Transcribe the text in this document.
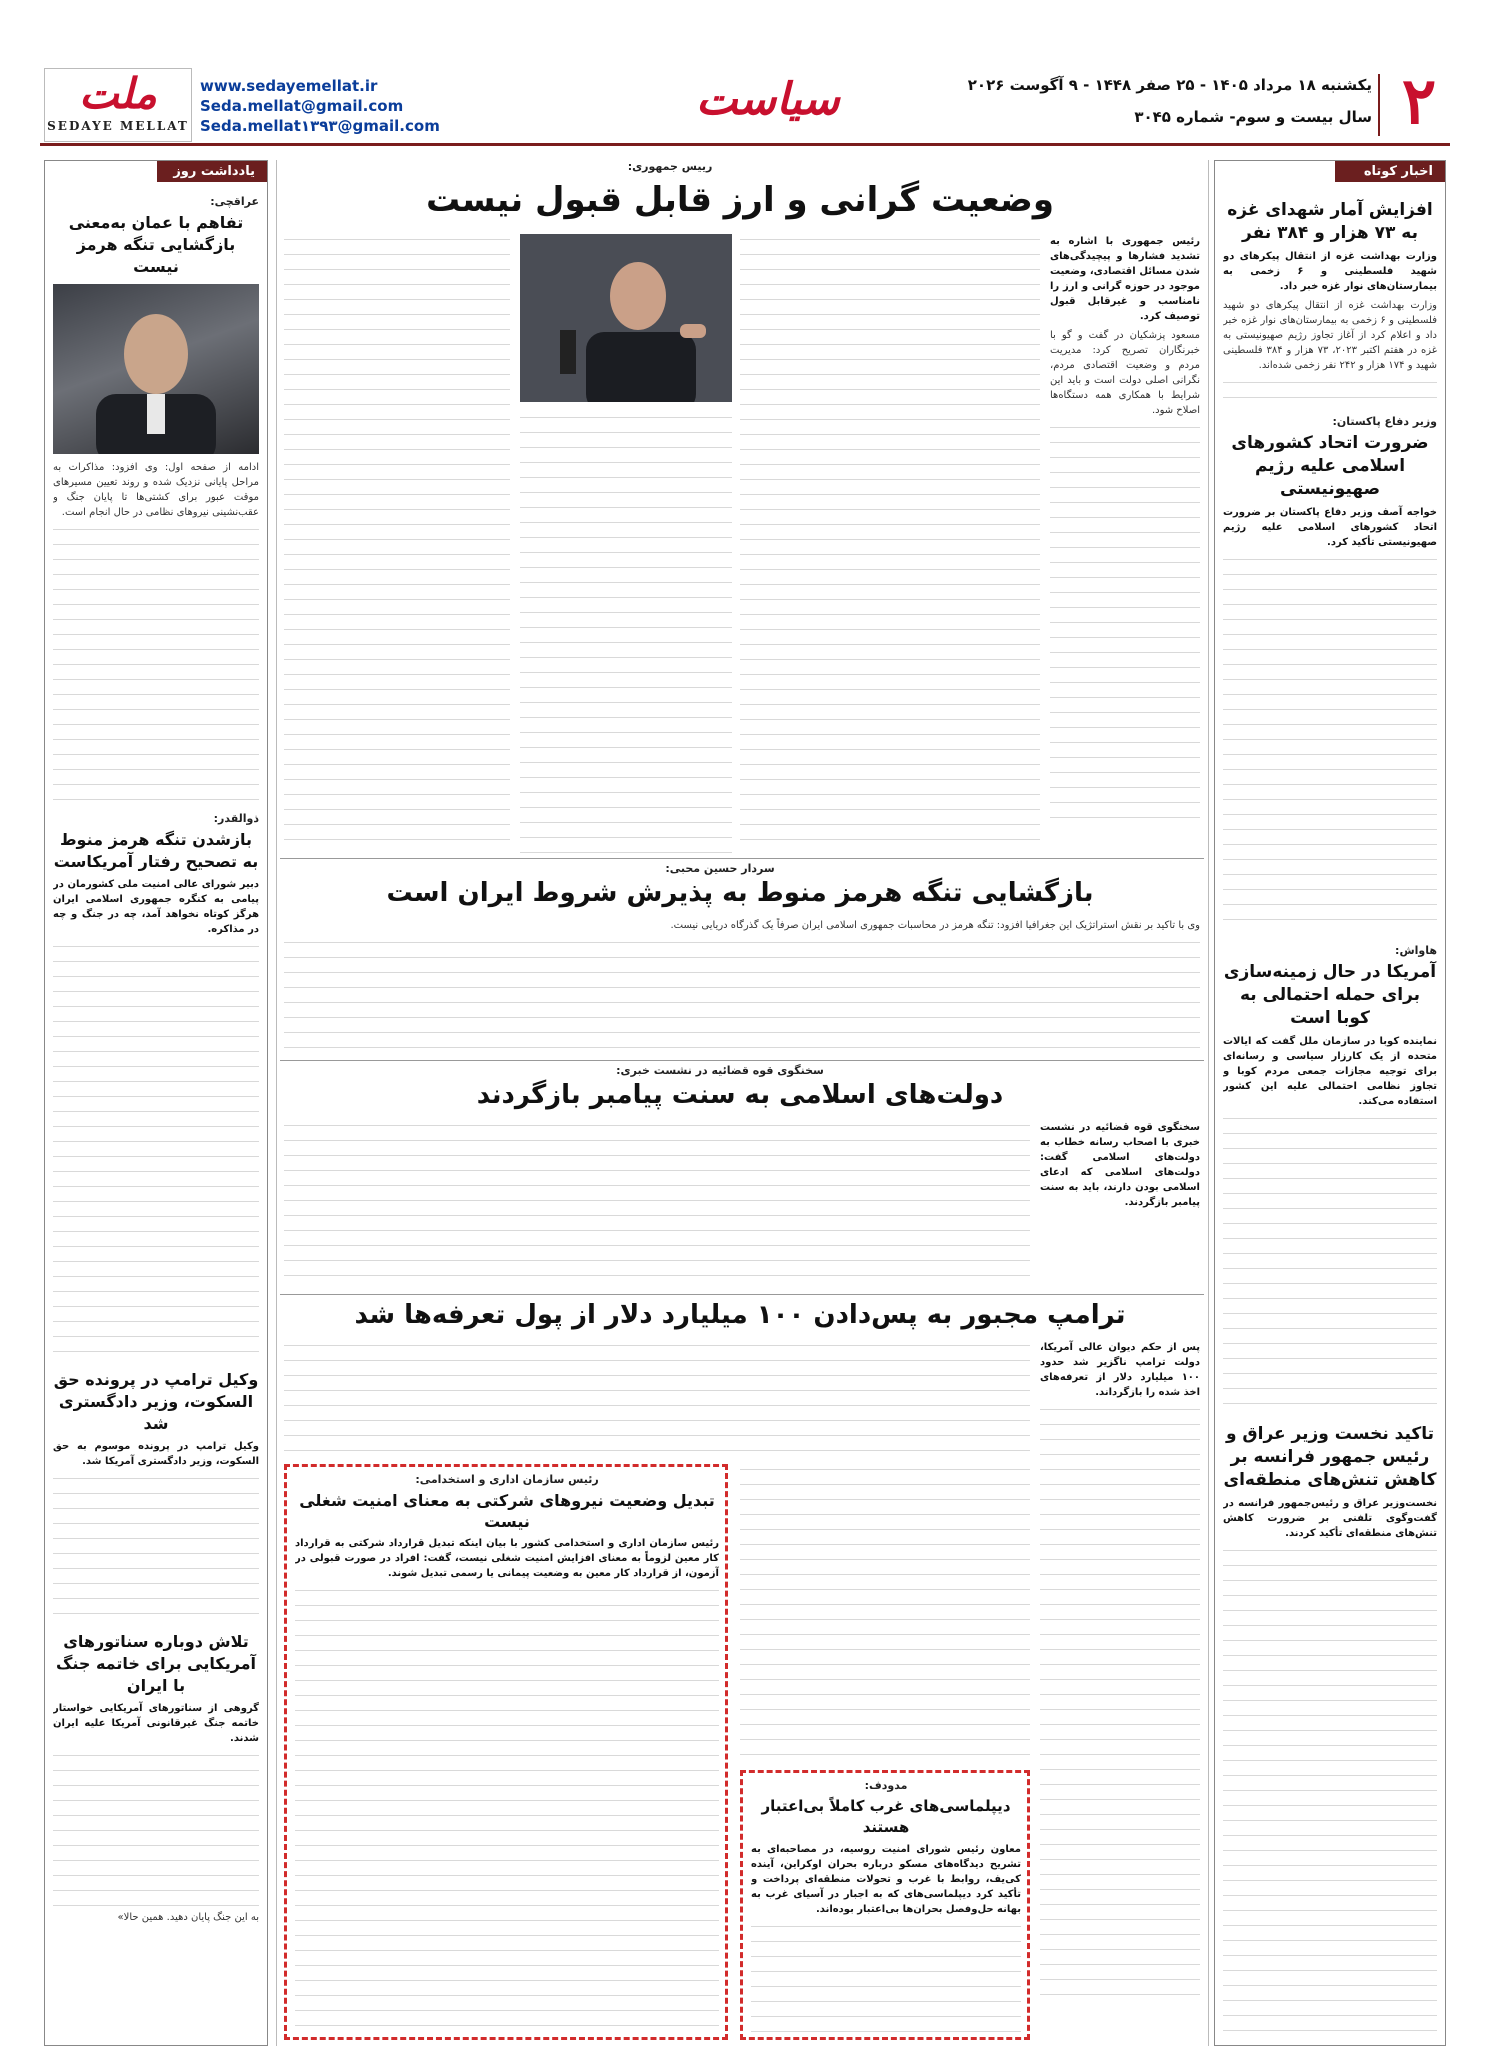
۲
یکشنبه ۱۸ مرداد ۱۴۰۵ - ۲۵ صفر ۱۴۴۸ - ۹ آگوست ۲۰۲۶
سال بیست و سوم- شماره ۳۰۴۵
سیاست
www.sedayemellat.ir
Seda.mellat@gmail.com
Seda.mellat۱۳۹۳@gmail.com
ملت
SEDAYE MELLAT
اخبار کوتاه
افزایش آمار شهدای غزه به ۷۳ هزار و ۳۸۴ نفر

وزارت بهداشت غزه از انتقال پیکرهای دو شهید فلسطینی و ۶ زخمی به بیمارستان‌های نوار غزه خبر داد.

وزارت بهداشت غزه از انتقال پیکرهای دو شهید فلسطینی و ۶ زخمی به بیمارستان‌های نوار غزه خبر داد و اعلام کرد از آغاز تجاوز رژیم صهیونیستی به غزه در هفتم اکتبر ۲۰۲۳، ۷۳ هزار و ۳۸۴ فلسطینی شهید و ۱۷۴ هزار و ۲۴۲ نفر زخمی شده‌اند.

وزیر دفاع پاکستان:
ضرورت اتحاد کشورهای اسلامی علیه رژیم صهیونیستی

خواجه آصف وزیر دفاع پاکستان بر ضرورت اتحاد کشورهای اسلامی علیه رژیم صهیونیستی تأکید کرد.

هاواش:
آمریکا در حال زمینه‌سازی برای حمله احتمالی به کوبا است

نماینده کوبا در سازمان ملل گفت که ایالات متحده از یک کارزار سیاسی و رسانه‌ای برای توجیه مجازات جمعی مردم کوبا و تجاوز نظامی احتمالی علیه این کشور استفاده می‌کند.

تاکید نخست وزیر عراق و رئیس جمهور فرانسه بر کاهش تنش‌های منطقه‌ای

نخست‌وزیر عراق و رئیس‌جمهور فرانسه در گفت‌وگوی تلفنی بر ضرورت کاهش تنش‌های منطقه‌ای تأکید کردند.

یادداشت روز
عراقچی:
تفاهم با عمان به‌معنی بازگشایی تنگه هرمز نیست

ادامه از صفحه اول: وی افزود: مذاکرات به مراحل پایانی نزدیک شده و روند تعیین مسیرهای موقت عبور برای کشتی‌ها تا پایان جنگ و عقب‌نشینی نیروهای نظامی در حال انجام است.

ذوالقدر:
بازشدن تنگه هرمز منوط به تصحیح رفتار آمریکاست

دبیر شورای عالی امنیت ملی کشورمان در پیامی به کنگره جمهوری اسلامی ایران هرگز کوتاه نخواهد آمد، چه در جنگ و چه در مذاکره.

وکیل ترامپ در پرونده حق السکوت، وزیر دادگستری شد

وکیل ترامپ در پرونده موسوم به حق السکوت، وزیر دادگستری آمریکا شد.

تلاش دوباره سناتورهای آمریکایی برای خاتمه جنگ با ایران

گروهی از سناتورهای آمریکایی خواستار خاتمه جنگ غیرقانونی آمریکا علیه ایران شدند.

به این جنگ پایان دهید. همین حالا»

رییس جمهوری:
وضعیت گرانی و ارز قابل قبول نیست

رئیس جمهوری با اشاره به تشدید فشارها و پیچیدگی‌های شدن مسائل اقتصادی، وضعیت موجود در حوزه گرانی و ارز را نامناسب و غیرقابل قبول توصیف کرد.

مسعود پزشکیان در گفت و گو با خبرنگاران تصریح کرد: مدیریت مردم و وضعیت اقتصادی مردم، نگرانی اصلی دولت است و باید این شرایط با همکاری همه دستگاه‌ها اصلاح شود.

سردار حسین محبی:
بازگشایی تنگه هرمز منوط به پذیرش شروط ایران است

وی با تاکید بر نقش استراتژیک این جغرافیا افزود: تنگه هرمز در محاسبات جمهوری اسلامی ایران صرفاً یک گذرگاه دریایی نیست.

سخنگوی قوه قضائیه در نشست خبری:
دولت‌های اسلامی به سنت پیامبر بازگردند

سخنگوی قوه قضائیه در نشست خبری با اصحاب رسانه خطاب به دولت‌های اسلامی گفت: دولت‌های اسلامی که ادعای اسلامی بودن دارند، باید به سنت پیامبر بازگردند.

ترامپ مجبور به پس‌دادن ۱۰۰ میلیارد دلار از پول تعرفه‌ها شد

پس از حکم دیوان عالی آمریکا، دولت ترامپ ناگزیر شد حدود ۱۰۰ میلیارد دلار از تعرفه‌های اخذ شده را بازگرداند.

رئیس سازمان اداری و استخدامی:
تبدیل وضعیت نیروهای شرکتی به معنای امنیت شغلی نیست

رئیس سازمان اداری و استخدامی کشور با بیان اینکه تبدیل قرارداد شرکتی به قرارداد کار معین لزوماً به معنای افزایش امنیت شغلی نیست، گفت: افراد در صورت قبولی در آزمون، از قرارداد کار معین به وضعیت پیمانی یا رسمی تبدیل شوند.

مدودف:
دیپلماسی‌های غرب کاملاً بی‌اعتبار هستند

معاون رئیس شورای امنیت روسیه، در مصاحبه‌ای به تشریح دیدگاه‌های مسکو درباره بحران اوکراین، آینده کی‌یف، روابط با غرب و تحولات منطقه‌ای پرداخت و تأکید کرد دیپلماسی‌های که به اجبار در آسیای غرب به بهانه حل‌وفصل بحران‌ها بی‌اعتبار بوده‌اند.
